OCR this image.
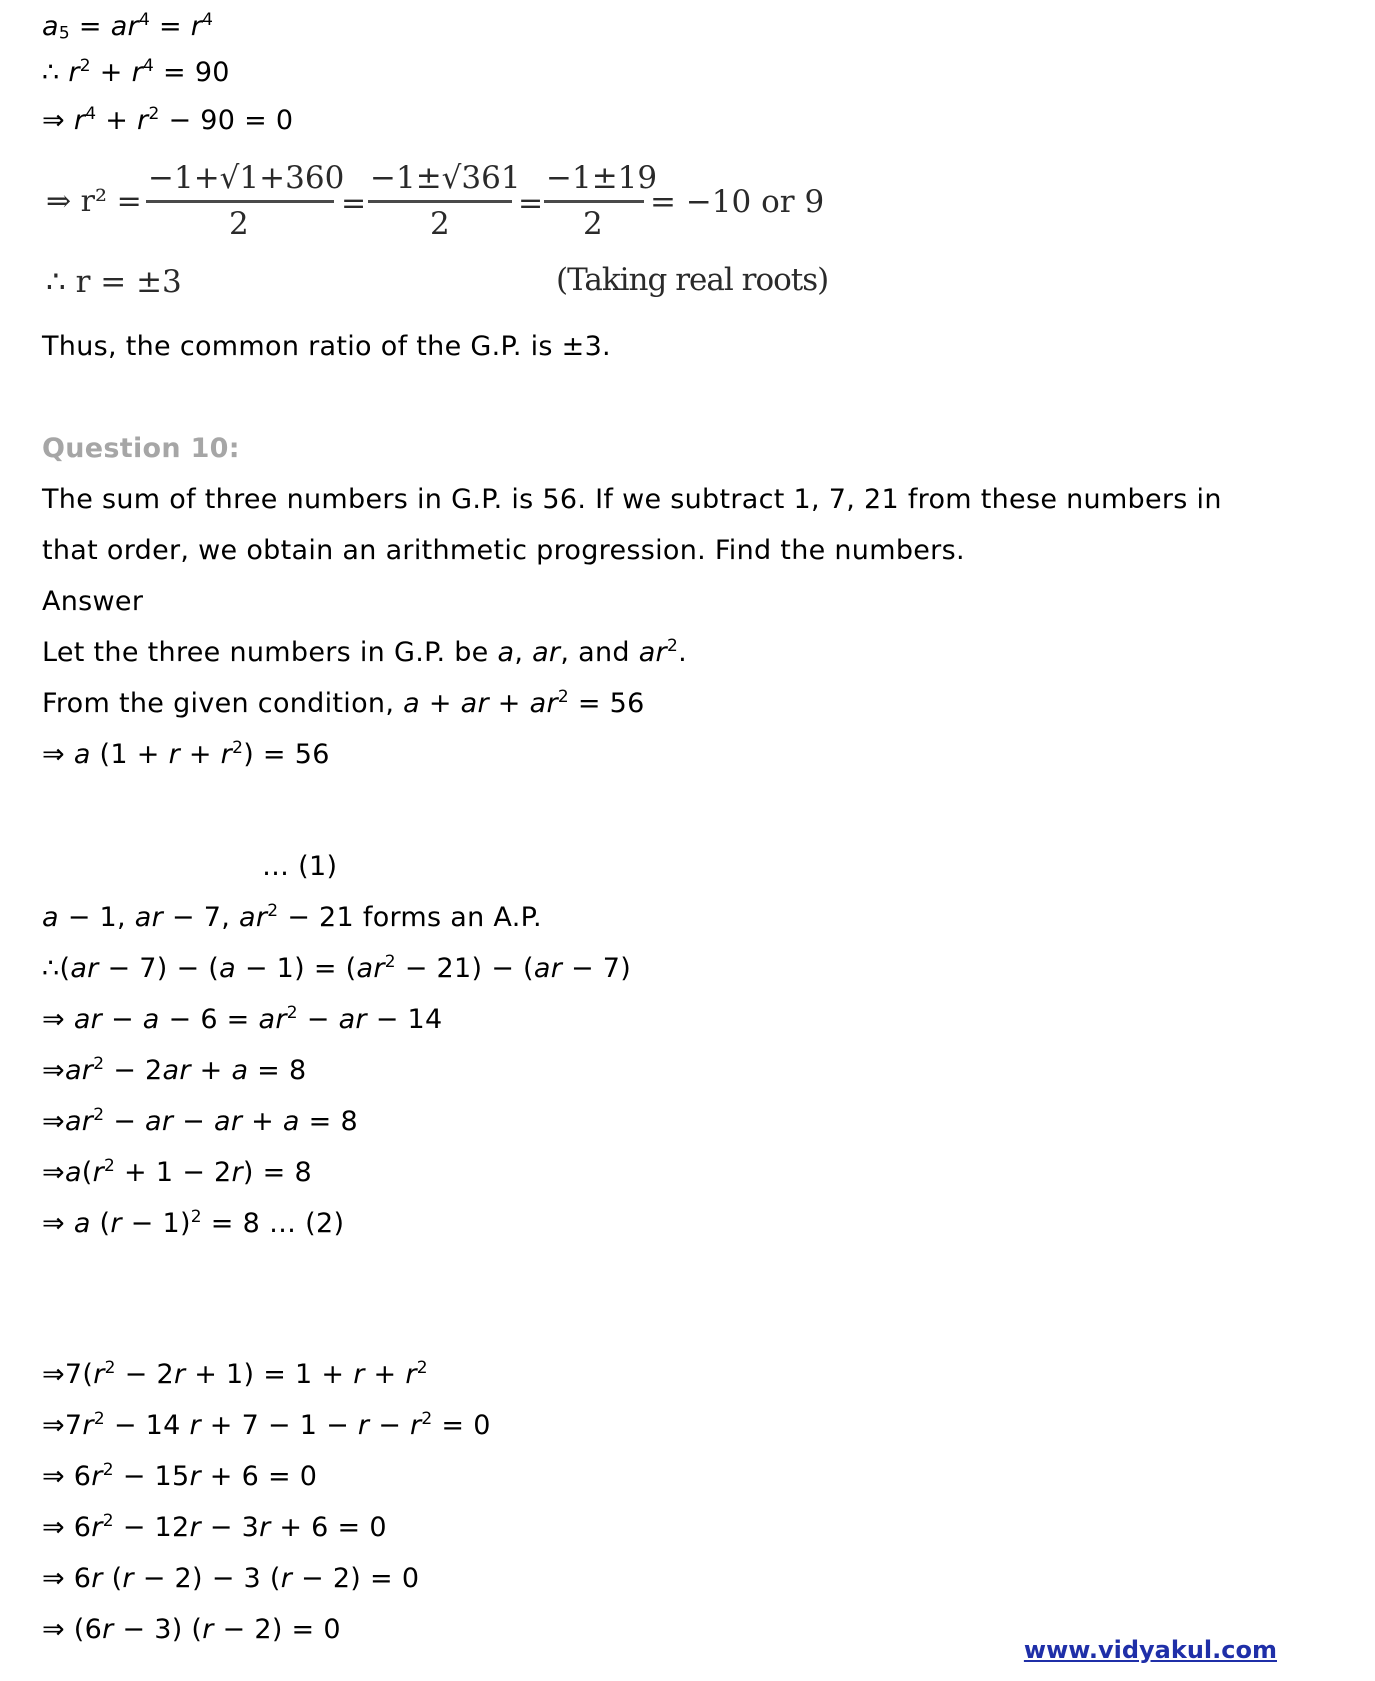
$a_5 = ar^4 = r^4$
∴ $r^2 + r^4 = 90$
⇒ $r^4 + r^2 - 90 = 0$
⇒ r² =
−1+√1+360
2
=
−1±√361
2
=
−1±19
2
= −10 or 9
∴ r = ±3	(Taking real roots)
Thus, the common ratio of the G.P. is ±3.
Question 10:
The sum of three numbers in G.P. is 56. If we subtract 1, 7, 21 from these numbers in
that order, we obtain an arithmetic progression. Find the numbers.
Answer
Let the three numbers in G.P. be a, ar, and $ar^2$.
From the given condition, a + ar + $ar^2 = 56$
⇒ a $(1 + r + r^2) = 56$
… (1)
a − 1, ar − 7, $ar^2 - 21$ forms an A.P.
∴(ar − $7) - (a - 1) = (ar^2 - 21) - (ar - 7)$
⇒ ar − $a - 6 = ar^2$ − ar − 14
$\Rightarrow ar^2 - 2ar + a = 8$
$\Rightarrow ar^2$ − ar − ar + a = 8
$\Rightarrow a(r^2 + 1 - 2r) = 8$
⇒ a $(r - 1)^2 = 8$ … (2)
$\Rightarrow 7(r^2 - 2r + 1) = 1 + r + r^2$
$\Rightarrow 7r^2 - 14$ $r + 7 - 1 - r - r^2 = 0$
⇒ $6r^2 - 15r + 6 = 0$
⇒ $6r^2 - 12r - 3r + 6 = 0$
⇒ 6r (r − 2) − 3 (r − 2) = 0
⇒ (6r − 3) (r − 2) = 0
www.vidyakul.com
